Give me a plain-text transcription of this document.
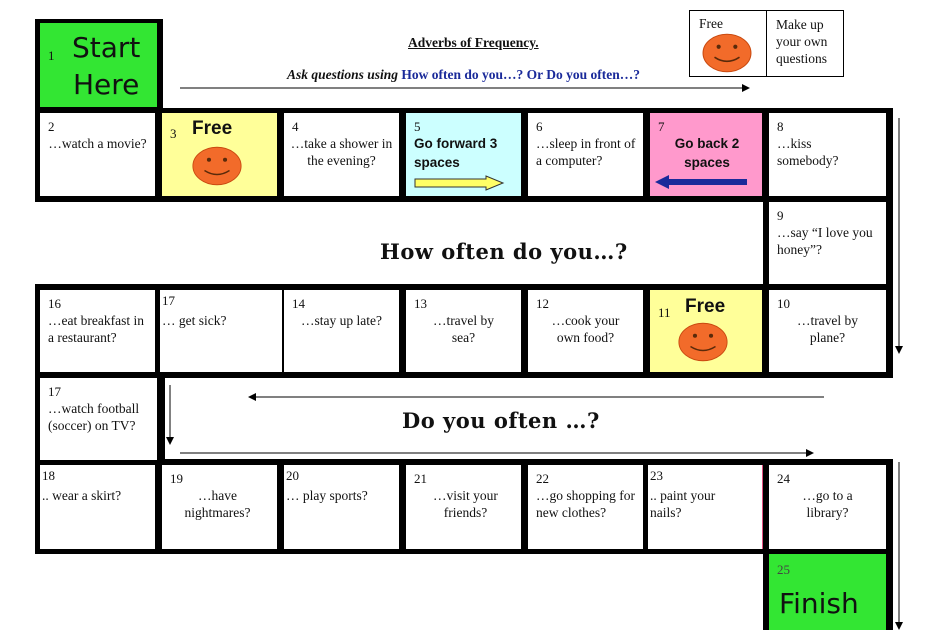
Adverbs of Frequency.
Ask questions using How often do you…? Or Do you often…?
Free	Make up your own questions
1 Start
Here
2
…watch a movie?
3 Free	4
…take a shower in the evening?
5
Go forward 3 spaces
6
…sleep in front of a computer?
7
Go back 2 spaces
8
…kiss somebody?
9
…say “I love you honey”?
How often do you…?
16
…eat breakfast in a restaurant?
17
… get sick?
14
…stay up late?
13
…travel by sea?
12
…cook your own food?
11 Free	10
…travel by plane?
17
…watch football (soccer) on TV?	Do you often …?
18
.. wear a skirt?
19
…have nightmares?
20
… play sports?
21
…visit your friends?
22
…go shopping for new clothes?
23
.. paint your nails?
24
…go to a library?
25
Finish
